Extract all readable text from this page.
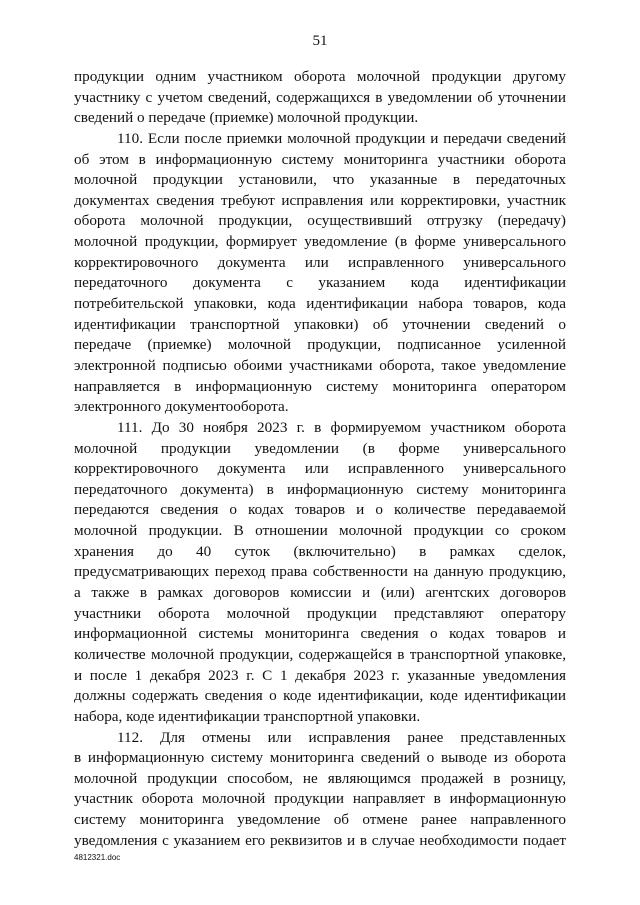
51
продукции одним участником оборота молочной продукции другому
участнику с учетом сведений, содержащихся в уведомлении об уточнении
сведений о передаче (приемке) молочной продукции.
110. Если после приемки молочной продукции и передачи сведений
об этом в информационную систему мониторинга участники оборота
молочной продукции установили, что указанные в передаточных
документах сведения требуют исправления или корректировки, участник
оборота молочной продукции, осуществивший отгрузку (передачу)
молочной продукции, формирует уведомление (в форме универсального
корректировочного документа или исправленного универсального
передаточного документа с указанием кода идентификации
потребительской упаковки, кода идентификации набора товаров, кода
идентификации транспортной упаковки) об уточнении сведений о
передаче (приемке) молочной продукции, подписанное усиленной
электронной подписью обоими участниками оборота, такое уведомление
направляется в информационную систему мониторинга оператором
электронного документооборота.
111. До 30 ноября 2023 г. в формируемом участником оборота
молочной продукции уведомлении (в форме универсального
корректировочного документа или исправленного универсального
передаточного документа) в информационную систему мониторинга
передаются сведения о кодах товаров и о количестве передаваемой
молочной продукции. В отношении молочной продукции со сроком
хранения до 40 суток (включительно) в рамках сделок,
предусматривающих переход права собственности на данную продукцию,
а также в рамках договоров комиссии и (или) агентских договоров
участники оборота молочной продукции представляют оператору
информационной системы мониторинга сведения о кодах товаров и
количестве молочной продукции, содержащейся в транспортной упаковке,
и после 1 декабря 2023 г. С 1 декабря 2023 г. указанные уведомления
должны содержать сведения о коде идентификации, коде идентификации
набора, коде идентификации транспортной упаковки.
112. Для отмены или исправления ранее представленных
в информационную систему мониторинга сведений о выводе из оборота
молочной продукции способом, не являющимся продажей в розницу,
участник оборота молочной продукции направляет в информационную
систему мониторинга уведомление об отмене ранее направленного
уведомления с указанием его реквизитов и в случае необходимости подает
4812321.doc
